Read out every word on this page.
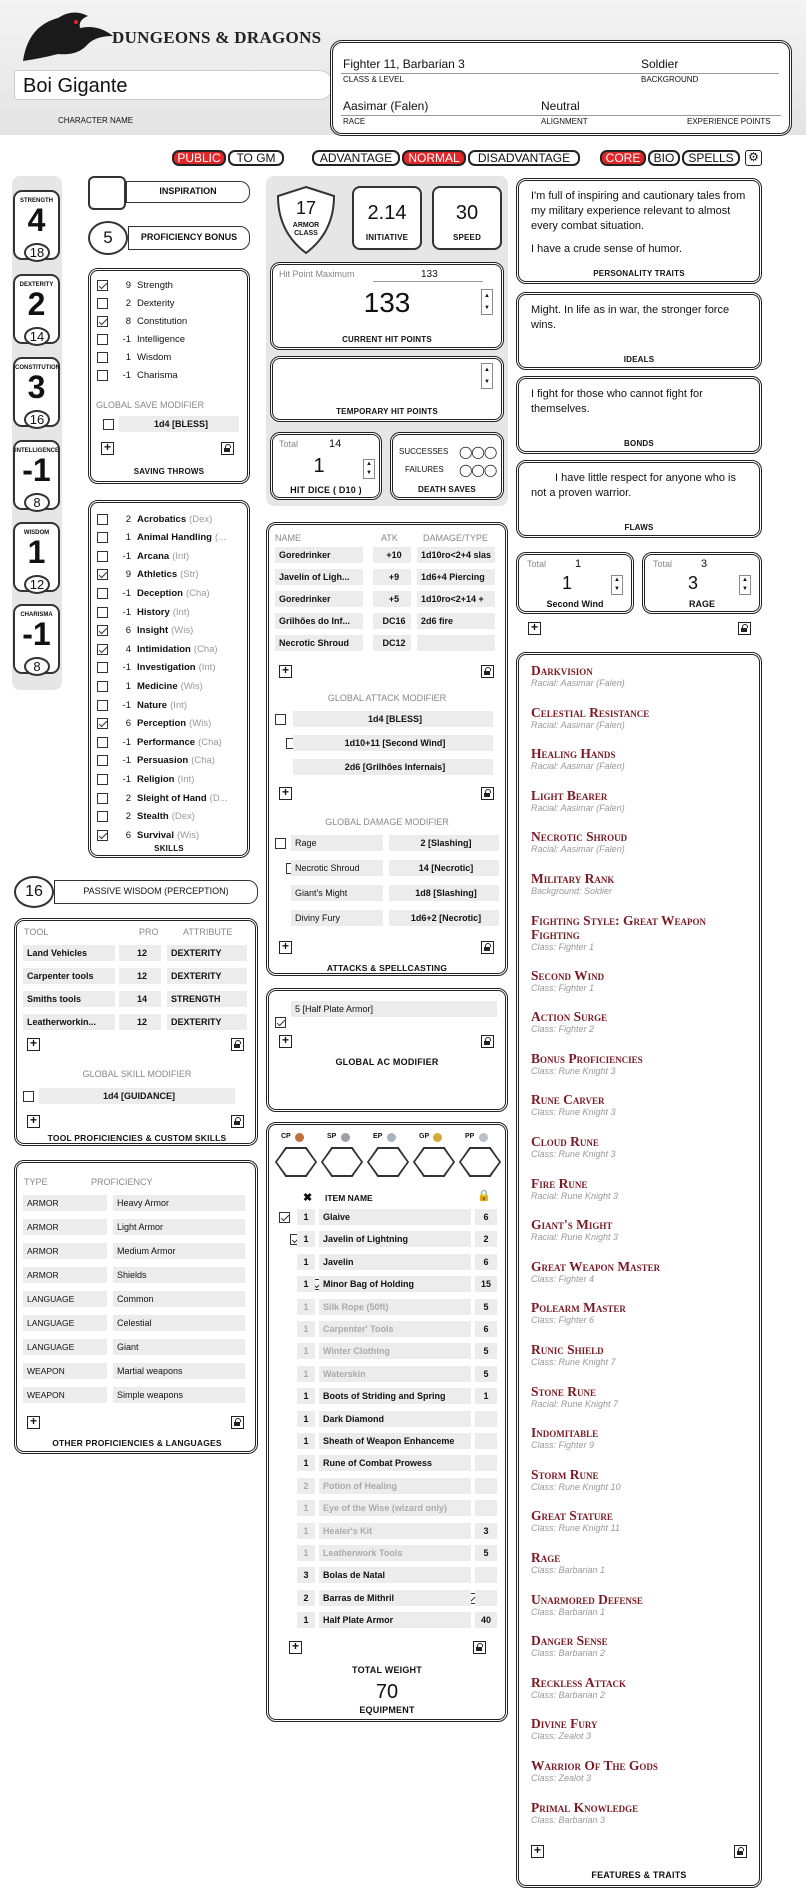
DUNGEONS & DRAGONS
Boi Gigante
CHARACTER NAME
Fighter 11, Barbarian 3
CLASS & LEVEL
Soldier
BACKGROUND
Aasimar (Falen)
RACE
Neutral
ALIGNMENT	EXPERIENCE POINTS
PUBLIC	TO GM	ADVANTAGE	NORMAL	DISADVANTAGE	CORE	BIO	SPELLS	⚙
STRENGTH
4
18
DEXTERITY
2
14
CONSTITUTION
3
16
INTELLIGENCE
-1
8
WISDOM
1
12
CHARISMA
-1
8
INSPIRATION
5	PROFICIENCY BONUS
9 Strength
2 Dexterity
8 Constitution
-1 Intelligence
1 Wisdom
-1 Charisma
GLOBAL SAVE MODIFIER
1d4 [BLESS]
+
SAVING THROWS
2 Acrobatics (Dex)
1 Animal Handling (...
-1 Arcana (Int)
9 Athletics (Str)
-1 Deception (Cha)
-1 History (Int)
6 Insight (Wis)
4 Intimidation (Cha)
-1 Investigation (Int)
1 Medicine (Wis)
-1 Nature (Int)
6 Perception (Wis)
-1 Performance (Cha)
-1 Persuasion (Cha)
-1 Religion (Int)
2 Sleight of Hand (D...
2 Stealth (Dex)
6 Survival (Wis)
SKILLS
16	PASSIVE WISDOM (PERCEPTION)
TOOL	PRO	ATTRIBUTE
Land Vehicles	12	DEXTERITY
Carpenter tools	12	DEXTERITY
Smiths tools	14	STRENGTH
Leatherworkin...	12	DEXTERITY
+
GLOBAL SKILL MODIFIER
1d4 [GUIDANCE]
+
TOOL PROFICIENCIES & CUSTOM SKILLS
TYPE	PROFICIENCY
ARMOR	Heavy Armor
ARMOR	Light Armor
ARMOR	Medium Armor
ARMOR	Shields
LANGUAGE	Common
LANGUAGE	Celestial
LANGUAGE	Giant
WEAPON	Martial weapons
WEAPON	Simple weapons
+
OTHER PROFICIENCIES & LANGUAGES
17
ARMOR CLASS
2.14
INITIATIVE
30
SPEED
Hit Point Maximum	133
133	▲
▼
CURRENT HIT POINTS
▲
▼
TEMPORARY HIT POINTS
Total	14
1	▲
▼
HIT DICE ( D10 )
SUCCESSES ◯◯◯
FAILURES ◯◯◯
DEATH SAVES
NAME	ATK	DAMAGE/TYPE
Goredrinker	+10	1d10ro<2+4 slas
Javelin of Ligh...	+9	1d6+4 Piercing
Goredrinker	+5	1d10ro<2+14 +
Grilhões do Inf...	DC16	2d6 fire
Necrotic Shroud	DC12
+
GLOBAL ATTACK MODIFIER
1d4 [BLESS]
1d10+11 [Second Wind]
2d6 [Grilhões Infernais]
+
GLOBAL DAMAGE MODIFIER
Rage	2 [Slashing]
Necrotic Shroud	14 [Necrotic]
Giant's Might	1d8 [Slashing]
Diviny Fury	1d6+2 [Necrotic]
+
ATTACKS & SPELLCASTING
5 [Half Plate Armor]
+
GLOBAL AC MODIFIER
CP	SP	EP	GP	PP
✖ ITEM NAME	🔒
1	Glaive	6
1	Javelin of Lightning	2
1	Javelin	6
1	Minor Bag of Holding	15
1	Silk Rope (50ft)	5
1	Carpenter' Tools	6
1	Winter Clothing	5
1	Waterskin	5
1	Boots of Striding and Spring	1
1	Dark Diamond
1	Sheath of Weapon Enhanceme
1	Rune of Combat Prowess
2	Potion of Healing
1	Eye of the Wise (wizard only)
1	Healer's Kit	3
1	Leatherwork Tools	5
3	Bolas de Natal
2	Barras de Mithril
1	Half Plate Armor	40
+
TOTAL WEIGHT
70
EQUIPMENT
I'm full of inspiring and cautionary tales from my military experience relevant to almost every combat situation.
I have a crude sense of humor.
PERSONALITY TRAITS
Might. In life as in war, the stronger force wins.
IDEALS
I fight for those who cannot fight for themselves.
BONDS
I have little respect for anyone who is not a proven warrior.
FLAWS
Total	1
1	▲
▼
Second Wind
Total	3
3	▲
▼
RAGE
+
Darkvision
Racial: Aasimar (Falen)
Celestial Resistance
Racial: Aasimar (Falen)
Healing Hands
Racial: Aasimar (Falen)
Light Bearer
Racial: Aasimar (Falen)
Necrotic Shroud
Racial: Aasimar (Falen)
Military Rank
Background: Soldier
Fighting Style: Great Weapon Fighting
Class: Fighter 1
Second Wind
Class: Fighter 1
Action Surge
Class: Fighter 2
Bonus Proficiencies
Class: Rune Knight 3
Rune Carver
Class: Rune Knight 3
Cloud Rune
Class: Rune Knight 3
Fire Rune
Racial: Rune Knight 3
Giant's Might
Racial: Rune Knight 3
Great Weapon Master
Class: Fighter 4
Polearm Master
Class: Fighter 6
Runic Shield
Class: Rune Knight 7
Stone Rune
Racial: Rune Knight 7
Indomitable
Class: Fighter 9
Storm Rune
Class: Rune Knight 10
Great Stature
Class: Rune Knight 11
Rage
Class: Barbarian 1
Unarmored Defense
Class: Barbarian 1
Danger Sense
Class: Barbarian 2
Reckless Attack
Class: Barbarian 2
Divine Fury
Class: Zealot 3
Warrior Of The Gods
Class: Zealot 3
Primal Knowledge
Class: Barbarian 3
+
FEATURES & TRAITS
